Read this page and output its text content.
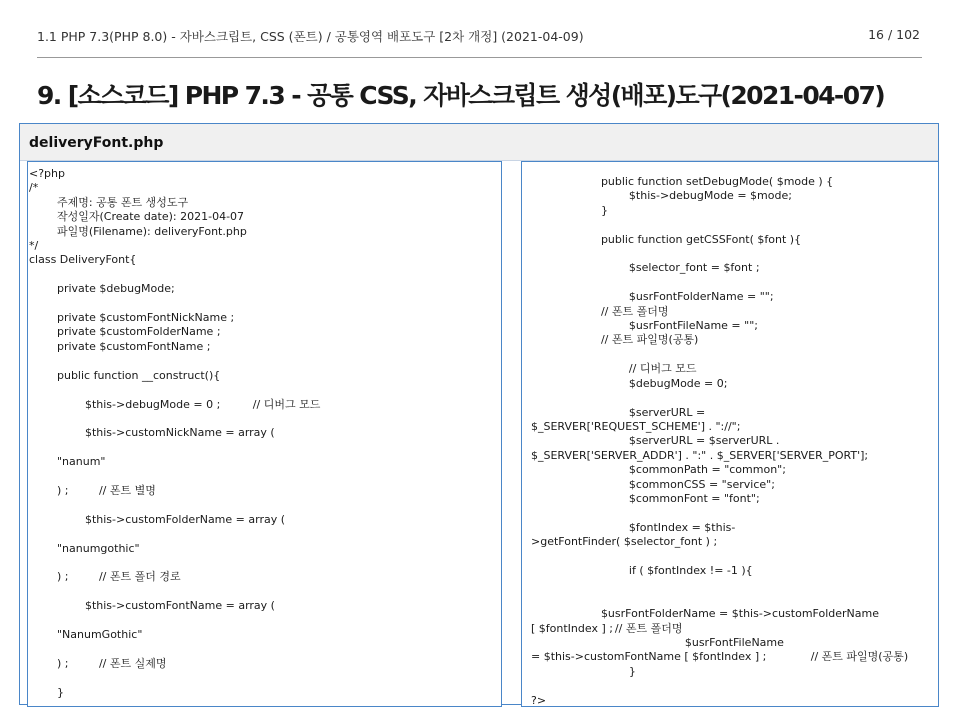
1.1 PHP 7.3(PHP 8.0) - 자바스크립트, CSS (폰트) / 공통영역 배포도구 [2차 개정] (2021-04-09)	16 / 102
9. [소스코드] PHP 7.3 - 공통 CSS, 자바스크립트 생성(배포)도구(2021-04-07)
deliveryFont.php
<?php
/*
		주제명: 공통 폰트 생성도구
		작성일자(Create date): 2021-04-07
		파일명(Filename): deliveryFont.php
*/
class DeliveryFont{

		private $debugMode;

		private $customFontNickName ;
		private $customFolderName ;
		private $customFontName ;

		public function __construct(){

				$this->debugMode = 0 ;			// 디버그 모드

				$this->customNickName = array (

		"nanum"

		) ;			// 폰트 별명

				$this->customFolderName = array (

		"nanumgothic"

		) ;			// 폰트 폴더 경로

				$this->customFontName = array (

		"NanumGothic"

		) ;			// 폰트 실제명

		}
					public function setDebugMode( $mode ) {
							$this->debugMode = $mode;
					}

					public function getCSSFont( $font ){

							$selector_font = $font ;

							$usrFontFolderName = "";
					// 폰트 폴더명
							$usrFontFileName = "";
					// 폰트 파일명(공통)

							// 디버그 모드
							$debugMode = 0;

							$serverURL =
$_SERVER['REQUEST_SCHEME'] . "://";
							$serverURL = $serverURL .
$_SERVER['SERVER_ADDR'] . ":" . $_SERVER['SERVER_PORT'];
							$commonPath = "common";
							$commonCSS = "service";
							$commonFont = "font";

							$fontIndex = $this-
>getFontFinder( $selector_font ) ;

							if ( $fontIndex != -1 ){

					$usrFontFolderName = $this->customFolderName
[ $fontIndex ] ;	// 폰트 폴더명
											$usrFontFileName
= $this->customFontName [ $fontIndex ] ;				// 폰트 파일명(공통)
							}

?>
